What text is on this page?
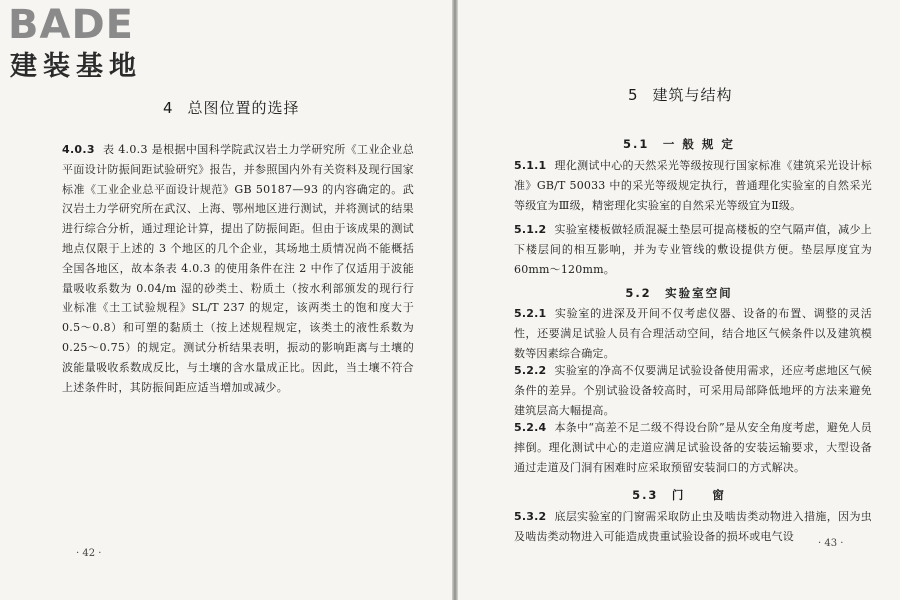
BADE
建装基地
4 总图位置的选择

4.0.3 表 4.0.3 是根据中国科学院武汉岩土力学研究所《工业企业总平面设计防振间距试验研究》报告，并参照国内外有关资料及现行国家标准《工业企业总平面设计规范》GB 50187—93 的内容确定的。武汉岩土力学研究所在武汉、上海、鄂州地区进行测试，并将测试的结果进行综合分析，通过理论计算，提出了防振间距。但由于该成果的测试地点仅限于上述的 3 个地区的几个企业，其场地土质情况尚不能概括全国各地区，故本条表 4.0.3 的使用条件在注 2 中作了仅适用于波能量吸收系数为 0.04/m 湿的砂类土、粉质土（按水利部颁发的现行行业标准《土工试验规程》SL/T 237 的规定，该两类土的饱和度大于 0.5～0.8）和可塑的黏质土（按上述规程规定，该类土的液性系数为 0.25～0.75）的规定。测试分析结果表明，振动的影响距离与土壤的波能量吸收系数成反比，与土壤的含水量成正比。因此，当土壤不符合上述条件时，其防振间距应适当增加或减少。

· 42 ·
5 建筑与结构
5.1　一 般 规 定

5.1.1 理化测试中心的天然采光等级按现行国家标准《建筑采光设计标准》GB/T 50033 中的采光等级规定执行，普通理化实验室的自然采光等级宜为Ⅲ级，精密理化实验室的自然采光等级宜为Ⅱ级。

5.1.2 实验室楼板做轻质混凝土垫层可提高楼板的空气隔声值，减少上下楼层间的相互影响，并为专业管线的敷设提供方便。垫层厚度宜为 60mm～120mm。

5.2　实验室空间

5.2.1 实验室的进深及开间不仅考虑仪器、设备的布置、调整的灵活性，还要满足试验人员有合理活动空间，结合地区气候条件以及建筑模数等因素综合确定。

5.2.2 实验室的净高不仅要满足试验设备使用需求，还应考虑地区气候条件的差异。个别试验设备较高时，可采用局部降低地坪的方法来避免建筑层高大幅提高。

5.2.4 本条中“高差不足二级不得设台阶”是从安全角度考虑，避免人员摔倒。理化测试中心的走道应满足试验设备的安装运输要求，大型设备通过走道及门洞有困难时应采取预留安装洞口的方式解决。

5.3　门　　窗

5.3.2 底层实验室的门窗需采取防止虫及啮齿类动物进入措施，因为虫及啮齿类动物进入可能造成贵重试验设备的损坏或电气设

· 43 ·
